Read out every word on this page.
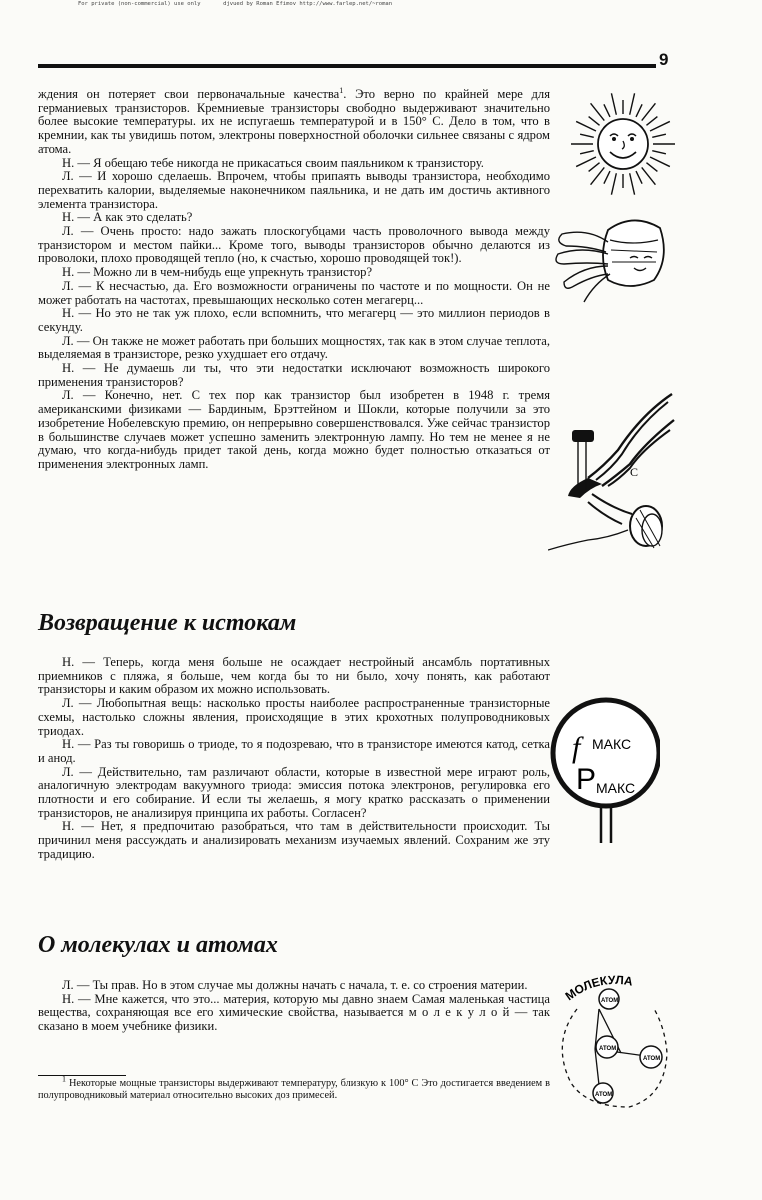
For private (non-commercial) use only	djvued by Roman Efimov http://www.farlep.net/~roman
9

ждения он потеряет свои первоначальные качества$^1$. Это верно по крайней мере для германиевых транзисторов. Кремниевые транзисторы свободно выдерживают значительно более высокие температуры. их не испугаешь температурой и в 150° С. Дело в том, что в кремнии, как ты увидишь потом, электроны поверхностной оболочки сильнее связаны с ядром атома.

Н. — Я обещаю тебе никогда не прикасаться своим паяльником к транзистору.

Л. — И хорошо сделаешь. Впрочем, чтобы припаять выводы транзистора, необходимо перехватить калории, выделяемые наконечником паяльника, и не дать им достичь активного элемента транзистора.

Н. — А как это сделать?

Л. — Очень просто: надо зажать плоскогубцами часть проволочного вывода между транзистором и местом пайки... Кроме того, выводы транзисторов обычно делаются из проволоки, плохо проводящей тепло (но, к счастью, хорошо проводящей ток!).

Н. — Можно ли в чем-нибудь еще упрекнуть транзистор?

Л. — К несчастью, да. Его возможности ограничены по частоте и по мощности. Он не может работать на частотах, превышающих несколько сотен мегагерц...

Н. — Но это не так уж плохо, если вспомнить, что мегагерц — это миллион периодов в секунду.

Л. — Он также не может работать при больших мощностях, так как в этом случае теплота, выделяемая в транзисторе, резко ухудшает его отдачу.

Н. — Не думаешь ли ты, что эти недостатки исключают возможность широкого применения транзисторов?

Л. — Конечно, нет. С тех пор как транзистор был изобретен в 1948 г. тремя американскими физиками — Бардиным, Брэттейном и Шокли, которые получили за это изобретение Нобелевскую премию, он непрерывно совершенствовался. Уже сейчас транзистор в большинстве случаев может успешно заменить электронную лампу. Но тем не менее я не думаю, что когда-нибудь придет такой день, когда можно будет полностью отказаться от применения электронных ламп.

Возвращение к истокам

Н. — Теперь, когда меня больше не осаждает нестройный ансамбль портативных приемников с пляжа, я больше, чем когда бы то ни было, хочу понять, как работают транзисторы и каким образом их можно использовать.

Л. — Любопытная вещь: насколько просты наиболее распространенные транзисторные схемы, настолько сложны явления, происходящие в этих крохотных полупроводниковых триодах.

Н. — Раз ты говоришь о триоде, то я подозреваю, что в транзисторе имеются катод, сетка и анод.

Л. — Действительно, там различают области, которые в известной мере играют роль, аналогичную электродам вакуумного триода: эмиссия потока электронов, регулировка его плотности и его собирание. И если ты желаешь, я могу кратко рассказать о применении транзисторов, не анализируя принципа их работы. Согласен?

Н. — Нет, я предпочитаю разобраться, что там в действительности происходит. Ты причинил меня рассуждать и анализировать механизм изучаемых явлений. Сохраним же эту традицию.

О молекулах и атомах

Л. — Ты прав. Но в этом случае мы должны начать с начала, т. е. со строения материи.

Н. — Мне кажется, что это... материя, которую мы давно знаем Самая маленькая частица вещества, сохраняющая все его химические свойства, называется м о л е к у л о й — так сказано в моем учебнике физики.

$^1$ Некоторые мощные транзисторы выдерживают температуру, близкую к 100° С Это достигается введением в полупроводниковый материал относительно высоких доз примесей.

C
f МАКС
P МАКС
МОЛЕКУЛА
АТОМ
АТОМ
АТОМ
АТОМ
